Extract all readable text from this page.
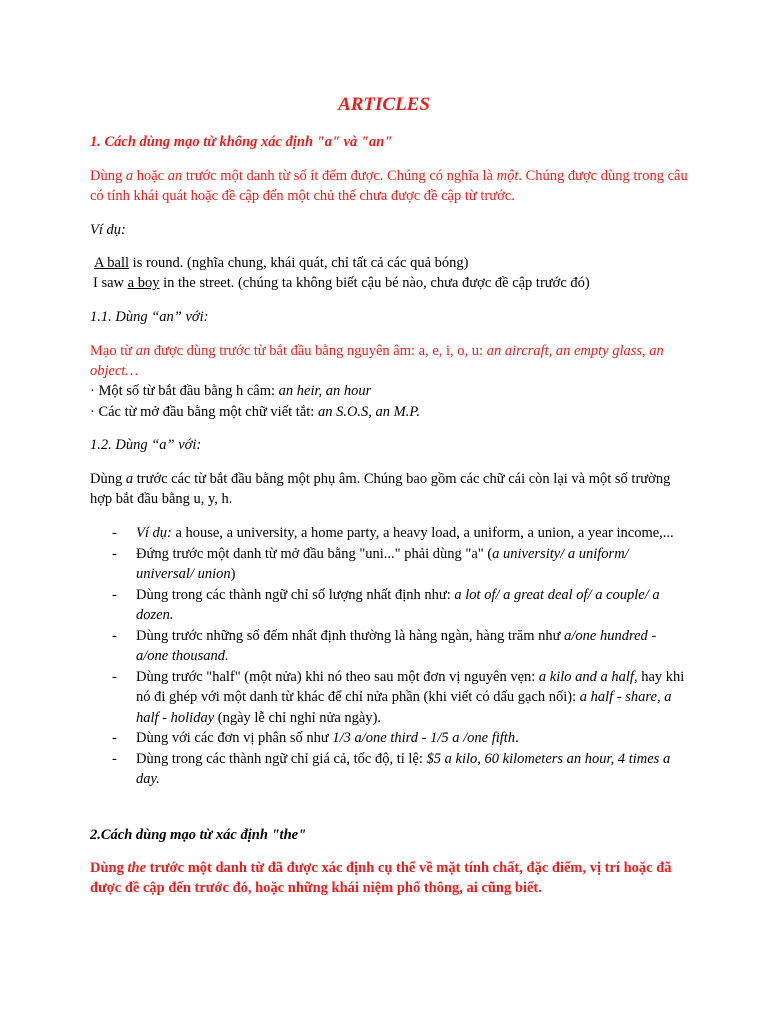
ARTICLES

1. Cách dùng mạo từ không xác định "a" và "an"

Dùng a hoặc an trước một danh từ số ít đếm được. Chúng có nghĩa là một. Chúng được dùng trong câu có tính khái quát hoặc đề cập đến một chủ thể chưa được đề cập từ trước.

Ví dụ:

A ball is round. (nghĩa chung, khái quát, chỉ tất cả các quả bóng)

I saw a boy in the street. (chúng ta không biết cậu bé nào, chưa được đề cập trước đó)

1.1. Dùng “an” với:

Mạo từ an được dùng trước từ bắt đầu bằng nguyên âm: a, e, i, o, u: an aircraft, an empty glass, an object…

· Một số từ bắt đầu bằng h câm: an heir, an hour

· Các từ mở đầu bằng một chữ viết tắt: an S.O.S, an M.P.

1.2. Dùng “a” với:

Dùng a trước các từ bắt đầu bằng một phụ âm. Chúng bao gồm các chữ cái còn lại và một số trường hợp bắt đầu bằng u, y, h.

- Ví dụ: a house, a university, a home party, a heavy load, a uniform, a union, a year income,...
- Đứng trước một danh từ mở đầu bằng "uni..." phải dùng "a" (a university/ a uniform/ universal/ union)
- Dùng trong các thành ngữ chỉ số lượng nhất định như: a lot of/ a great deal of/ a couple/ a dozen.
- Dùng trước những số đếm nhất định thường là hàng ngàn, hàng trăm như a/one hundred - a/one thousand.
- Dùng trước "half" (một nửa) khi nó theo sau một đơn vị nguyên vẹn: a kilo and a half, hay khi nó đi ghép với một danh từ khác để chỉ nửa phần (khi viết có dấu gạch nối): a half - share, a half - holiday (ngày lễ chỉ nghỉ nửa ngày).
- Dùng với các đơn vị phân số như 1/3 a/one third - 1/5 a /one fifth.
- Dùng trong các thành ngữ chỉ giá cả, tốc độ, tỉ lệ: $5 a kilo, 60 kilometers an hour, 4 times a day.

2.Cách dùng mạo từ xác định "the"

Dùng the trước một danh từ đã được xác định cụ thể về mặt tính chất, đặc điểm, vị trí hoặc đã được đề cập đến trước đó, hoặc những khái niệm phổ thông, ai cũng biết.
